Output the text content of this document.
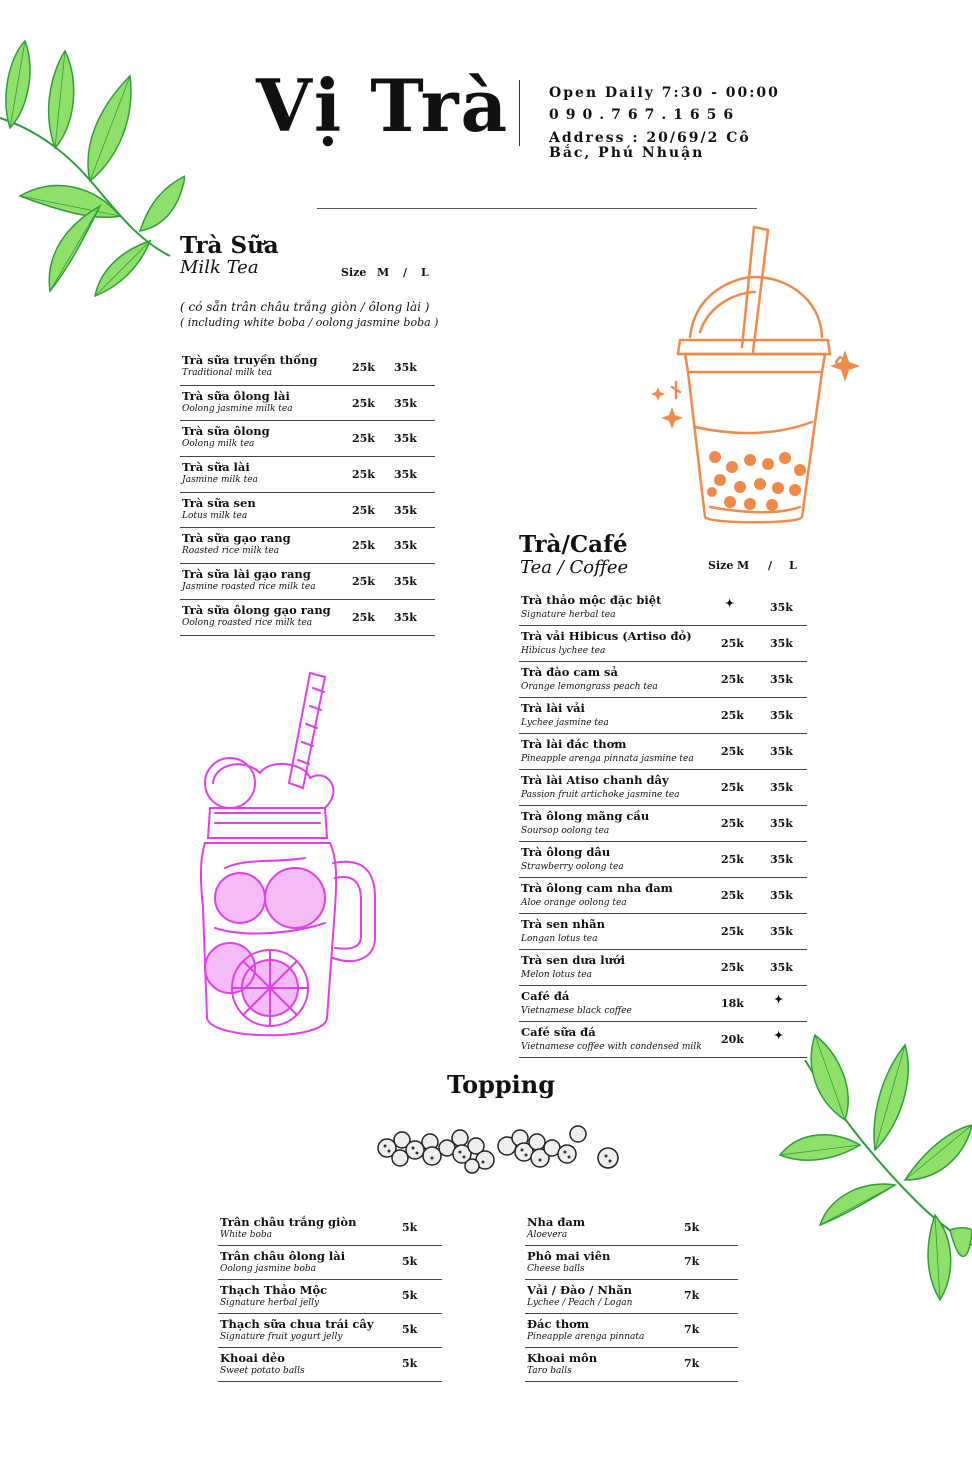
Vị Trà	Open Daily 7:30 - 00:00
090.767.1656
Address : 20/69/2 Cô Bắc, Phú Nhuận
Trà Sữa
Milk Tea	Size M / L
( có sẵn trân châu trắng giòn / ôlong lài )
( including white boba / oolong jasmine boba )
Trà sữa truyền thống
Traditional milk tea	25k 35k
Trà sữa ôlong lài
Oolong jasmine milk tea	25k 35k
Trà sữa ôlong
Oolong milk tea	25k 35k
Trà sữa lài
Jasmine milk tea	25k 35k
Trà sữa sen
Lotus milk tea	25k 35k
Trà sữa gạo rang
Roasted rice milk tea	25k 35k
Trà sữa lài gạo rang
Jasmine roasted rice milk tea	25k 35k
Trà sữa ôlong gạo rang
Oolong roasted rice milk tea	25k 35k
Trà/Café
Tea / Coffee	Size M / L
Trà thảo mộc đặc biệt
Signature herbal tea
✦	35k
Trà vải Hibicus (Artiso đỏ)
Hibicus lychee tea
25k 35k
Trà đào cam sả
Orange lemongrass peach tea
25k 35k
Trà lài vải
Lychee jasmine tea
25k 35k
Trà lài đác thơm
Pineapple arenga pinnata jasmine tea
25k 35k
Trà lài Atiso chanh dây
Passion fruit artichoke jasmine tea
25k 35k
Trà ôlong mãng cầu
Soursop oolong tea
25k 35k
Trà ôlong dâu
Strawberry oolong tea
25k 35k
Trà ôlong cam nha đam
Aloe orange oolong tea
25k 35k
Trà sen nhãn
Longan lotus tea
25k 35k
Trà sen dưa lưới
Melon lotus tea
25k 35k
Café đá
Vietnamese black coffee
18k	✦
Café sữa đá
Vietnamese coffee with condensed milk
20k	✦
Topping
Trân châu trắng giòn
White boba
5k
Trân châu ôlong lài
Oolong jasmine boba
5k
Thạch Thảo Mộc
Signature herbal jelly
5k
Thạch sữa chua trái cây
Signature fruit yogurt jelly
5k
Khoai dẻo
Sweet potato balls
5k
Nha đam
Aloevera
5k
Phô mai viên
Cheese balls
7k
Vải / Đào / Nhãn
Lychee / Peach / Logan
7k
Đác thơm
Pineapple arenga pinnata
7k
Khoai môn
Taro balls
7k
